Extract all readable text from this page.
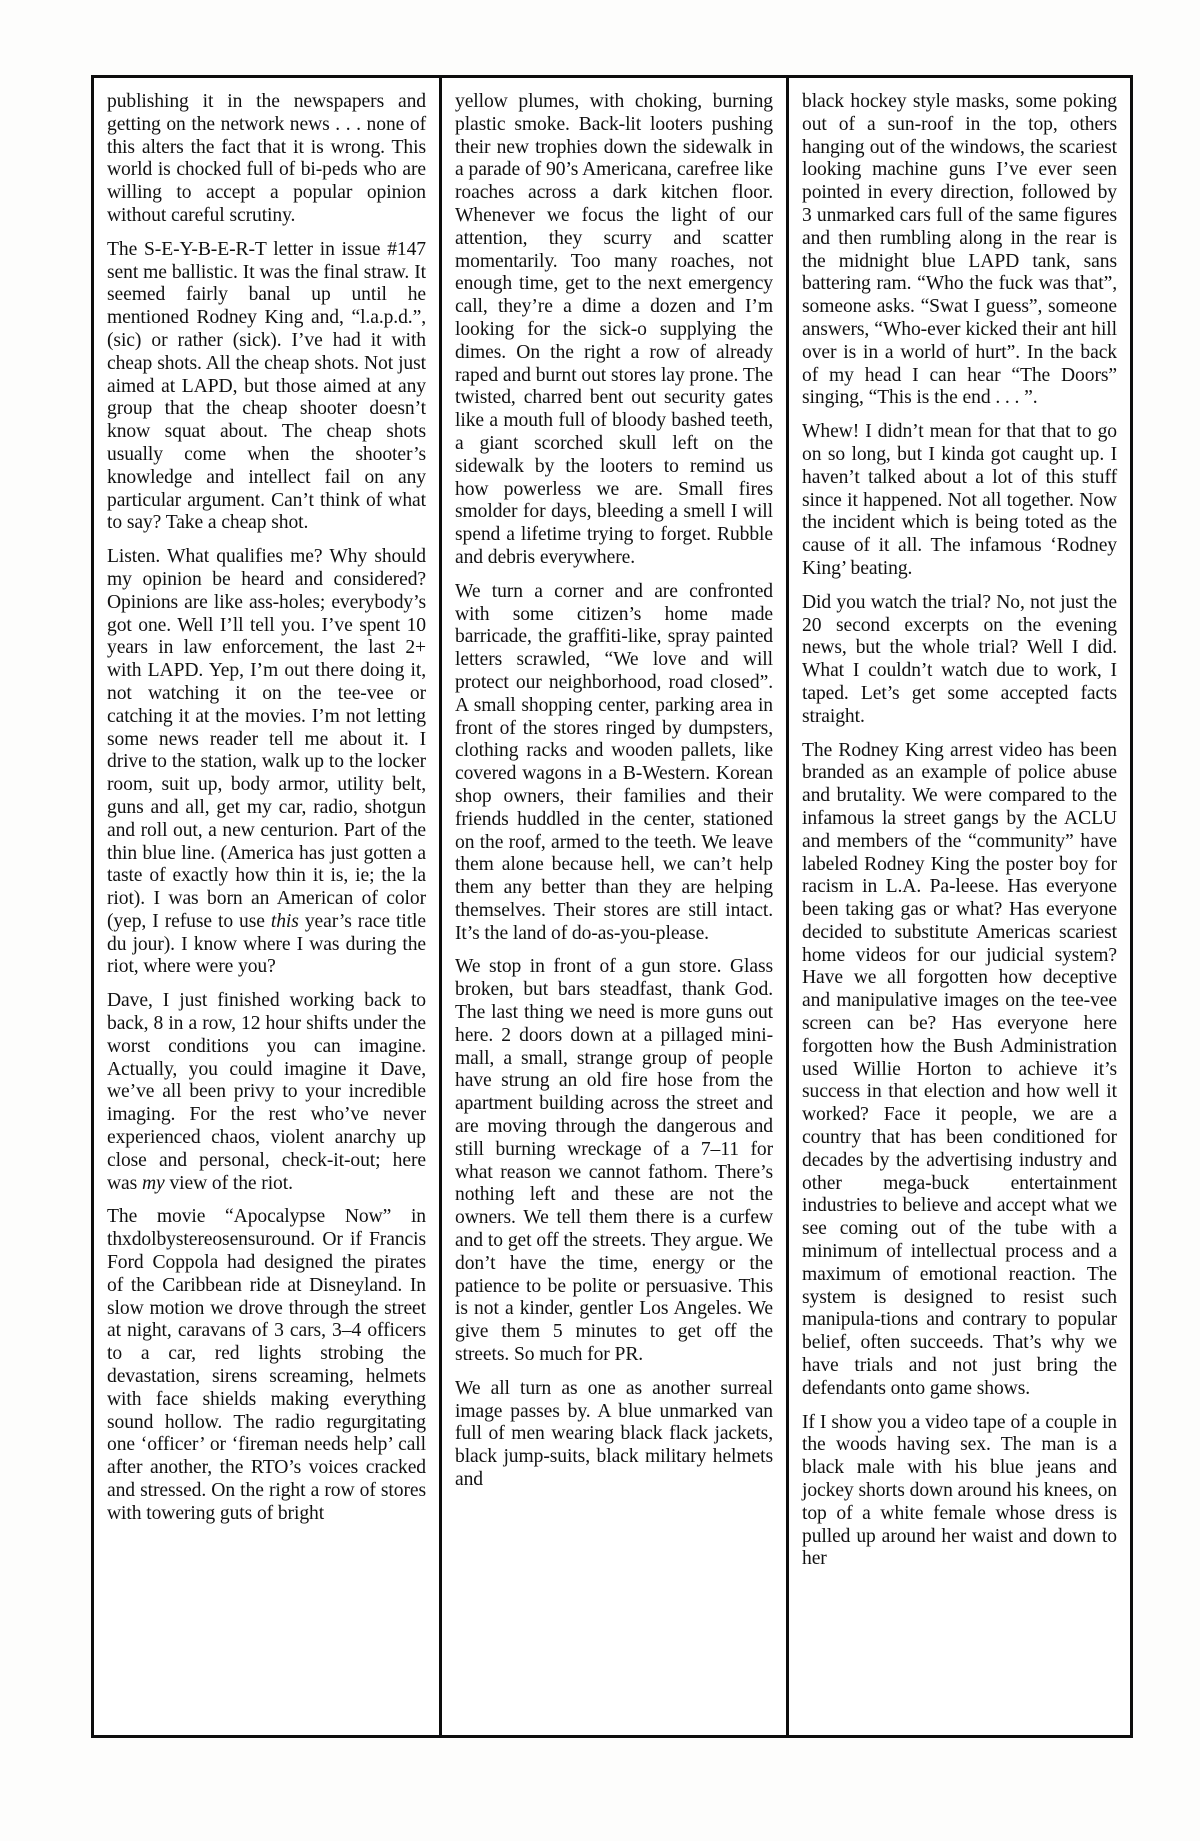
publishing it in the newspapers and getting on the network news . . . none of this alters the fact that it is wrong. This world is chocked full of bi-peds who are willing to accept a popular opinion without careful scrutiny.

The S-E-Y-B-E-R-T letter in issue #147 sent me ballistic. It was the final straw. It seemed fairly banal up until he mentioned Rodney King and, “l.a.p.d.”, (sic) or rather (sick). I’ve had it with cheap shots. All the cheap shots. Not just aimed at LAPD, but those aimed at any group that the cheap shooter doesn’t know squat about. The cheap shots usually come when the shooter’s knowledge and intellect fail on any particular argument. Can’t think of what to say? Take a cheap shot.

Listen. What qualifies me? Why should my opinion be heard and considered? Opinions are like ass-holes; everybody’s got one. Well I’ll tell you. I’ve spent 10 years in law enforcement, the last 2+ with LAPD. Yep, I’m out there doing it, not watching it on the tee-vee or catching it at the movies. I’m not letting some news reader tell me about it. I drive to the station, walk up to the locker room, suit up, body armor, utility belt, guns and all, get my car, radio, shotgun and roll out, a new centurion. Part of the thin blue line. (America has just gotten a taste of exactly how thin it is, ie; the la riot). I was born an American of color (yep, I refuse to use this year’s race title du jour). I know where I was during the riot, where were you?

Dave, I just finished working back to back, 8 in a row, 12 hour shifts under the worst conditions you can imagine. Actually, you could imagine it Dave, we’ve all been privy to your incredible imaging. For the rest who’ve never experienced chaos, violent anarchy up close and personal, check-it-out; here was my view of the riot.

The movie “Apocalypse Now” in thxdolbystereosensuround. Or if Francis Ford Coppola had designed the pirates of the Caribbean ride at Disneyland. In slow motion we drove through the street at night, caravans of 3 cars, 3–4 officers to a car, red lights strobing the devastation, sirens screaming, helmets with face shields making everything sound hollow. The radio regurgitating one ‘officer’ or ‘fireman needs help’ call after another, the RTO’s voices cracked and stressed. On the right a row of stores with towering guts of bright

yellow plumes, with choking, burning plastic smoke. Back-lit looters pushing their new trophies down the sidewalk in a parade of 90’s Americana, carefree like roaches across a dark kitchen floor. Whenever we focus the light of our attention, they scurry and scatter momentarily. Too many roaches, not enough time, get to the next emergency call, they’re a dime a dozen and I’m looking for the sick-o supplying the dimes. On the right a row of already raped and burnt out stores lay prone. The twisted, charred bent out security gates like a mouth full of bloody bashed teeth, a giant scorched skull left on the sidewalk by the looters to remind us how powerless we are. Small fires smolder for days, bleeding a smell I will spend a lifetime trying to forget. Rubble and debris everywhere.

We turn a corner and are confronted with some citizen’s home made barricade, the graffiti-like, spray painted letters scrawled, “We love and will protect our neighborhood, road closed”. A small shopping center, parking area in front of the stores ringed by dumpsters, clothing racks and wooden pallets, like covered wagons in a B-Western. Korean shop owners, their families and their friends huddled in the center, stationed on the roof, armed to the teeth. We leave them alone because hell, we can’t help them any better than they are helping themselves. Their stores are still intact. It’s the land of do-as-you-please.

We stop in front of a gun store. Glass broken, but bars steadfast, thank God. The last thing we need is more guns out here. 2 doors down at a pillaged mini-mall, a small, strange group of people have strung an old fire hose from the apartment building across the street and are moving through the dangerous and still burning wreckage of a 7–11 for what reason we cannot fathom. There’s nothing left and these are not the owners. We tell them there is a curfew and to get off the streets. They argue. We don’t have the time, energy or the patience to be polite or persuasive. This is not a kinder, gentler Los Angeles. We give them 5 minutes to get off the streets. So much for PR.

We all turn as one as another surreal image passes by. A blue unmarked van full of men wearing black flack jackets, black jump-suits, black military helmets and

black hockey style masks, some poking out of a sun-roof in the top, others hanging out of the windows, the scariest looking machine guns I’ve ever seen pointed in every direction, followed by 3 unmarked cars full of the same figures and then rumbling along in the rear is the midnight blue LAPD tank, sans battering ram. “Who the fuck was that”, someone asks. “Swat I guess”, someone answers, “Who-ever kicked their ant hill over is in a world of hurt”. In the back of my head I can hear “The Doors” singing, “This is the end . . . ”.

Whew! I didn’t mean for that that to go on so long, but I kinda got caught up. I haven’t talked about a lot of this stuff since it happened. Not all together. Now the incident which is being toted as the cause of it all. The infamous ‘Rodney King’ beating.

Did you watch the trial? No, not just the 20 second excerpts on the evening news, but the whole trial? Well I did. What I couldn’t watch due to work, I taped. Let’s get some accepted facts straight.

The Rodney King arrest video has been branded as an example of police abuse and brutality. We were compared to the infamous la street gangs by the ACLU and members of the “community” have labeled Rodney King the poster boy for racism in L.A. Pa-leese. Has everyone been taking gas or what? Has everyone decided to substitute Americas scariest home videos for our judicial system? Have we all forgotten how deceptive and manipulative images on the tee-vee screen can be? Has everyone here forgotten how the Bush Administration used Willie Horton to achieve it’s success in that election and how well it worked? Face it people, we are a country that has been conditioned for decades by the advertising industry and other mega-buck entertainment industries to believe and accept what we see coming out of the tube with a minimum of intellectual process and a maximum of emotional reaction. The system is designed to resist such manipula-tions and contrary to popular belief, often succeeds. That’s why we have trials and not just bring the defendants onto game shows.

If I show you a video tape of a couple in the woods having sex. The man is a black male with his blue jeans and jockey shorts down around his knees, on top of a white female whose dress is pulled up around her waist and down to her
